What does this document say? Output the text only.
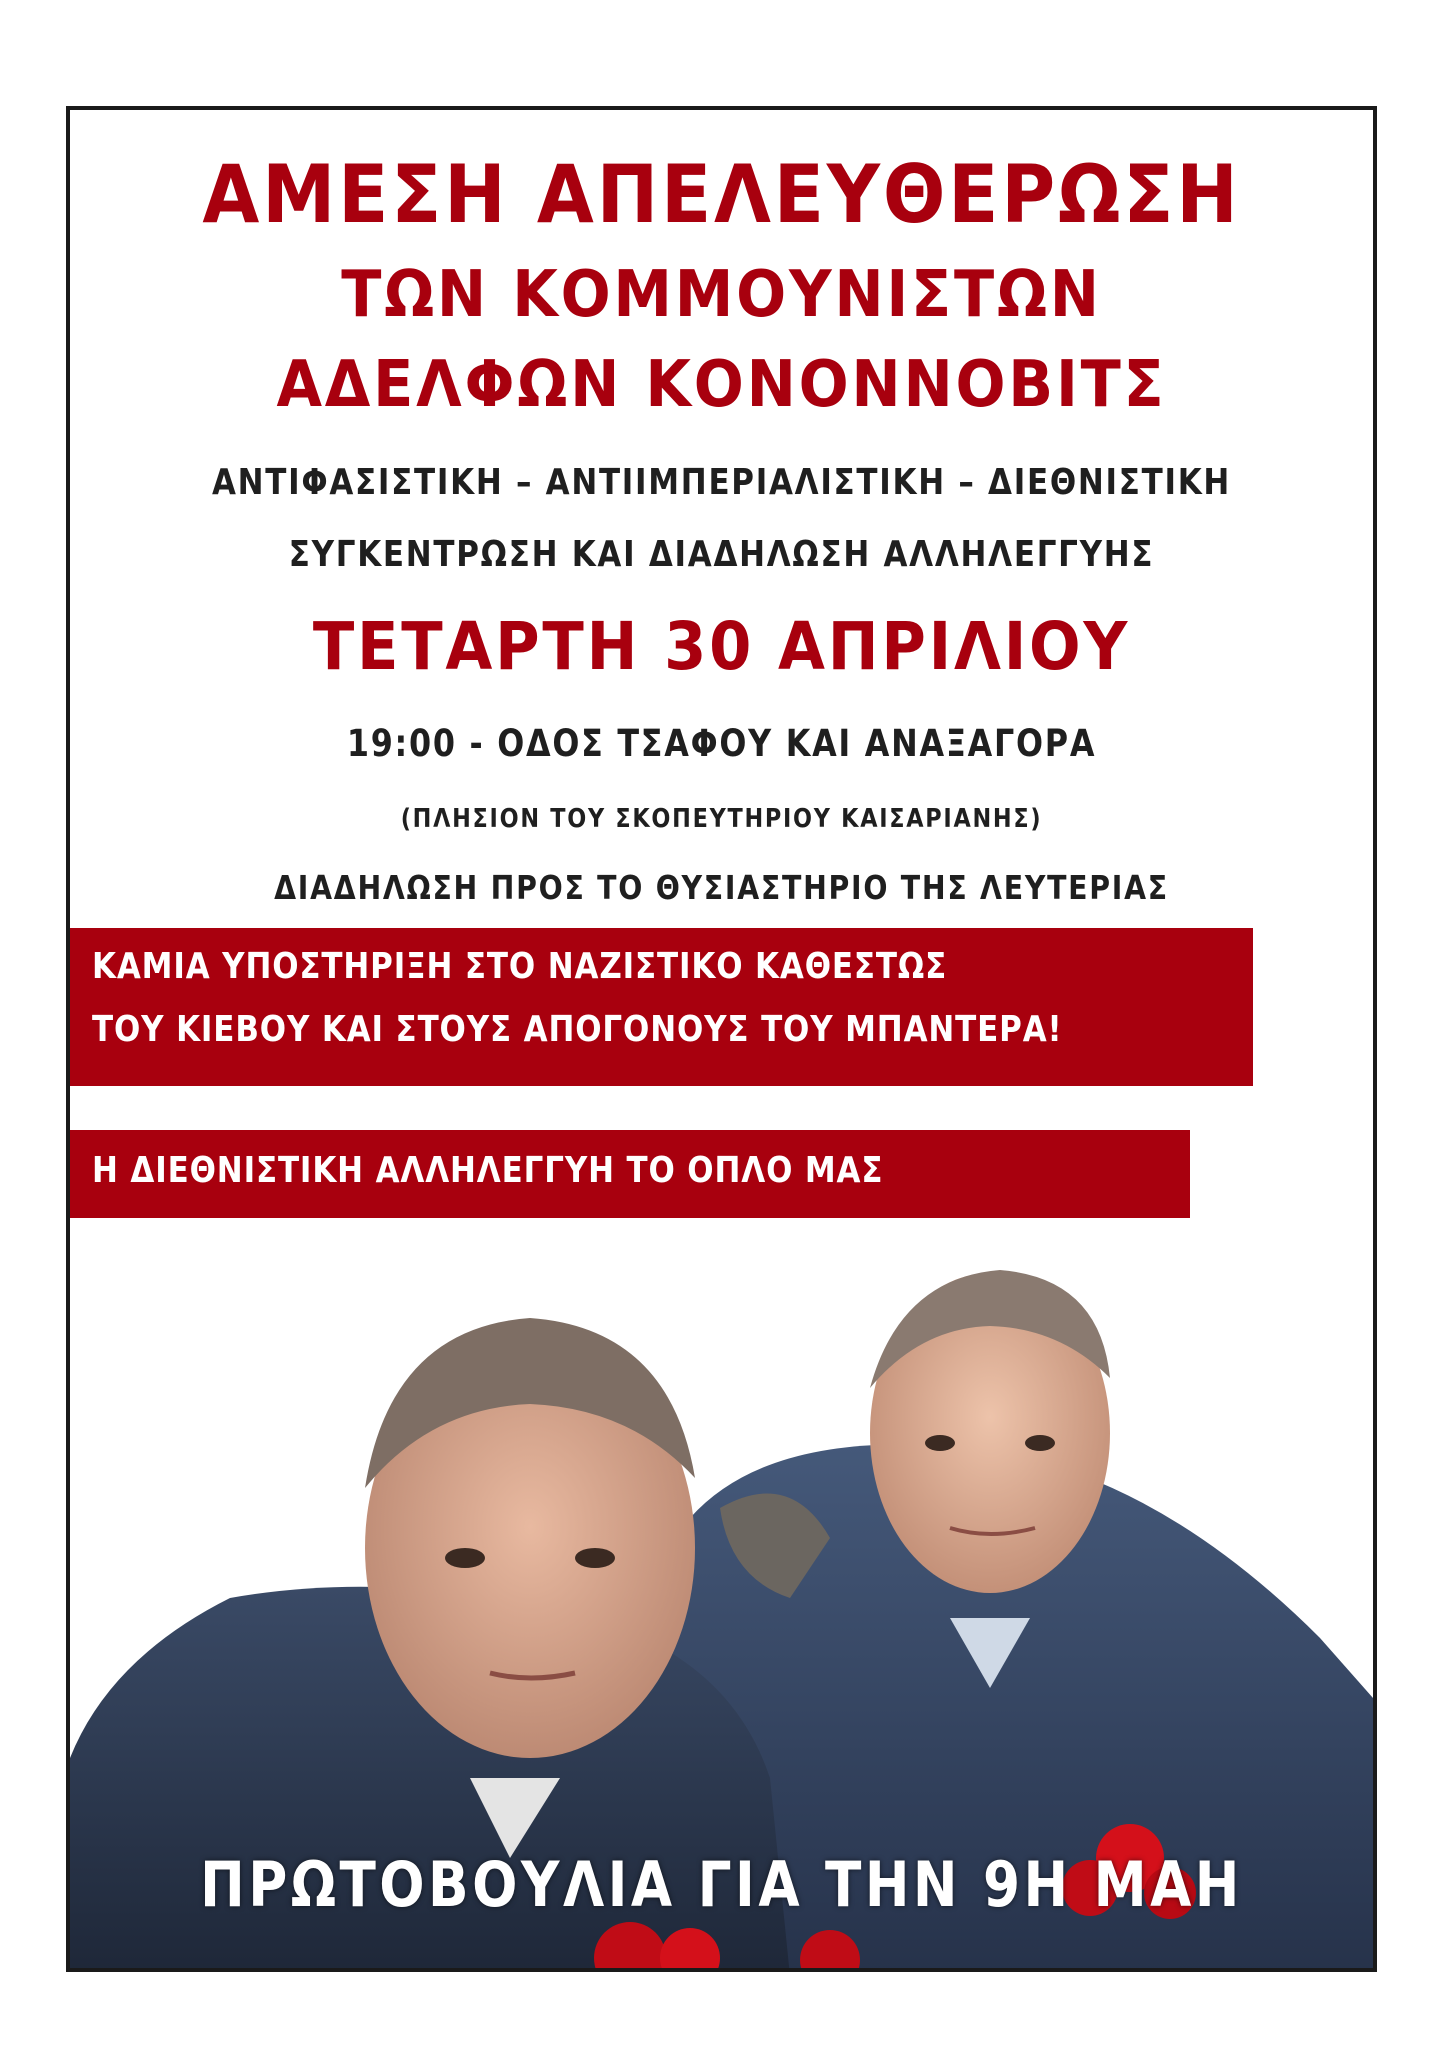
ΑΜΕΣΗ ΑΠΕΛΕΥΘΕΡΩΣΗ
ΤΩΝ ΚΟΜΜΟΥΝΙΣΤΩΝ
ΑΔΕΛΦΩΝ ΚΟΝΟΝΝΟΒΙΤΣ
ΑΝΤΙΦΑΣΙΣΤΙΚΗ – ΑΝΤΙΙΜΠΕΡΙΑΛΙΣΤΙΚΗ – ΔΙΕΘΝΙΣΤΙΚΗ
ΣΥΓΚΕΝΤΡΩΣΗ ΚΑΙ ΔΙΑΔΗΛΩΣΗ ΑΛΛΗΛΕΓΓΥΗΣ
ΤΕΤΑΡΤΗ 30 ΑΠΡΙΛΙΟΥ
19:00 - ΟΔΟΣ ΤΣΑΦΟΥ ΚΑΙ ΑΝΑΞΑΓΟΡΑ
(ΠΛΗΣΙΟΝ ΤΟΥ ΣΚΟΠΕΥΤΗΡΙΟΥ ΚΑΙΣΑΡΙΑΝΗΣ)
ΔΙΑΔΗΛΩΣΗ ΠΡΟΣ ΤΟ ΘΥΣΙΑΣΤΗΡΙΟ ΤΗΣ ΛΕΥΤΕΡΙΑΣ
ΚΑΜΙΑ ΥΠΟΣΤΗΡΙΞΗ ΣΤΟ ΝΑΖΙΣΤΙΚΟ ΚΑΘΕΣΤΩΣ
ΤΟΥ ΚΙΕΒΟΥ ΚΑΙ ΣΤΟΥΣ ΑΠΟΓΟΝΟΥΣ ΤΟΥ ΜΠΑΝΤΕΡΑ!
Η ΔΙΕΘΝΙΣΤΙΚΗ ΑΛΛΗΛΕΓΓΥΗ ΤΟ ΟΠΛΟ ΜΑΣ
ΠΡΩΤΟΒΟΥΛΙΑ ΓΙΑ ΤΗΝ 9Η ΜΑΗ
